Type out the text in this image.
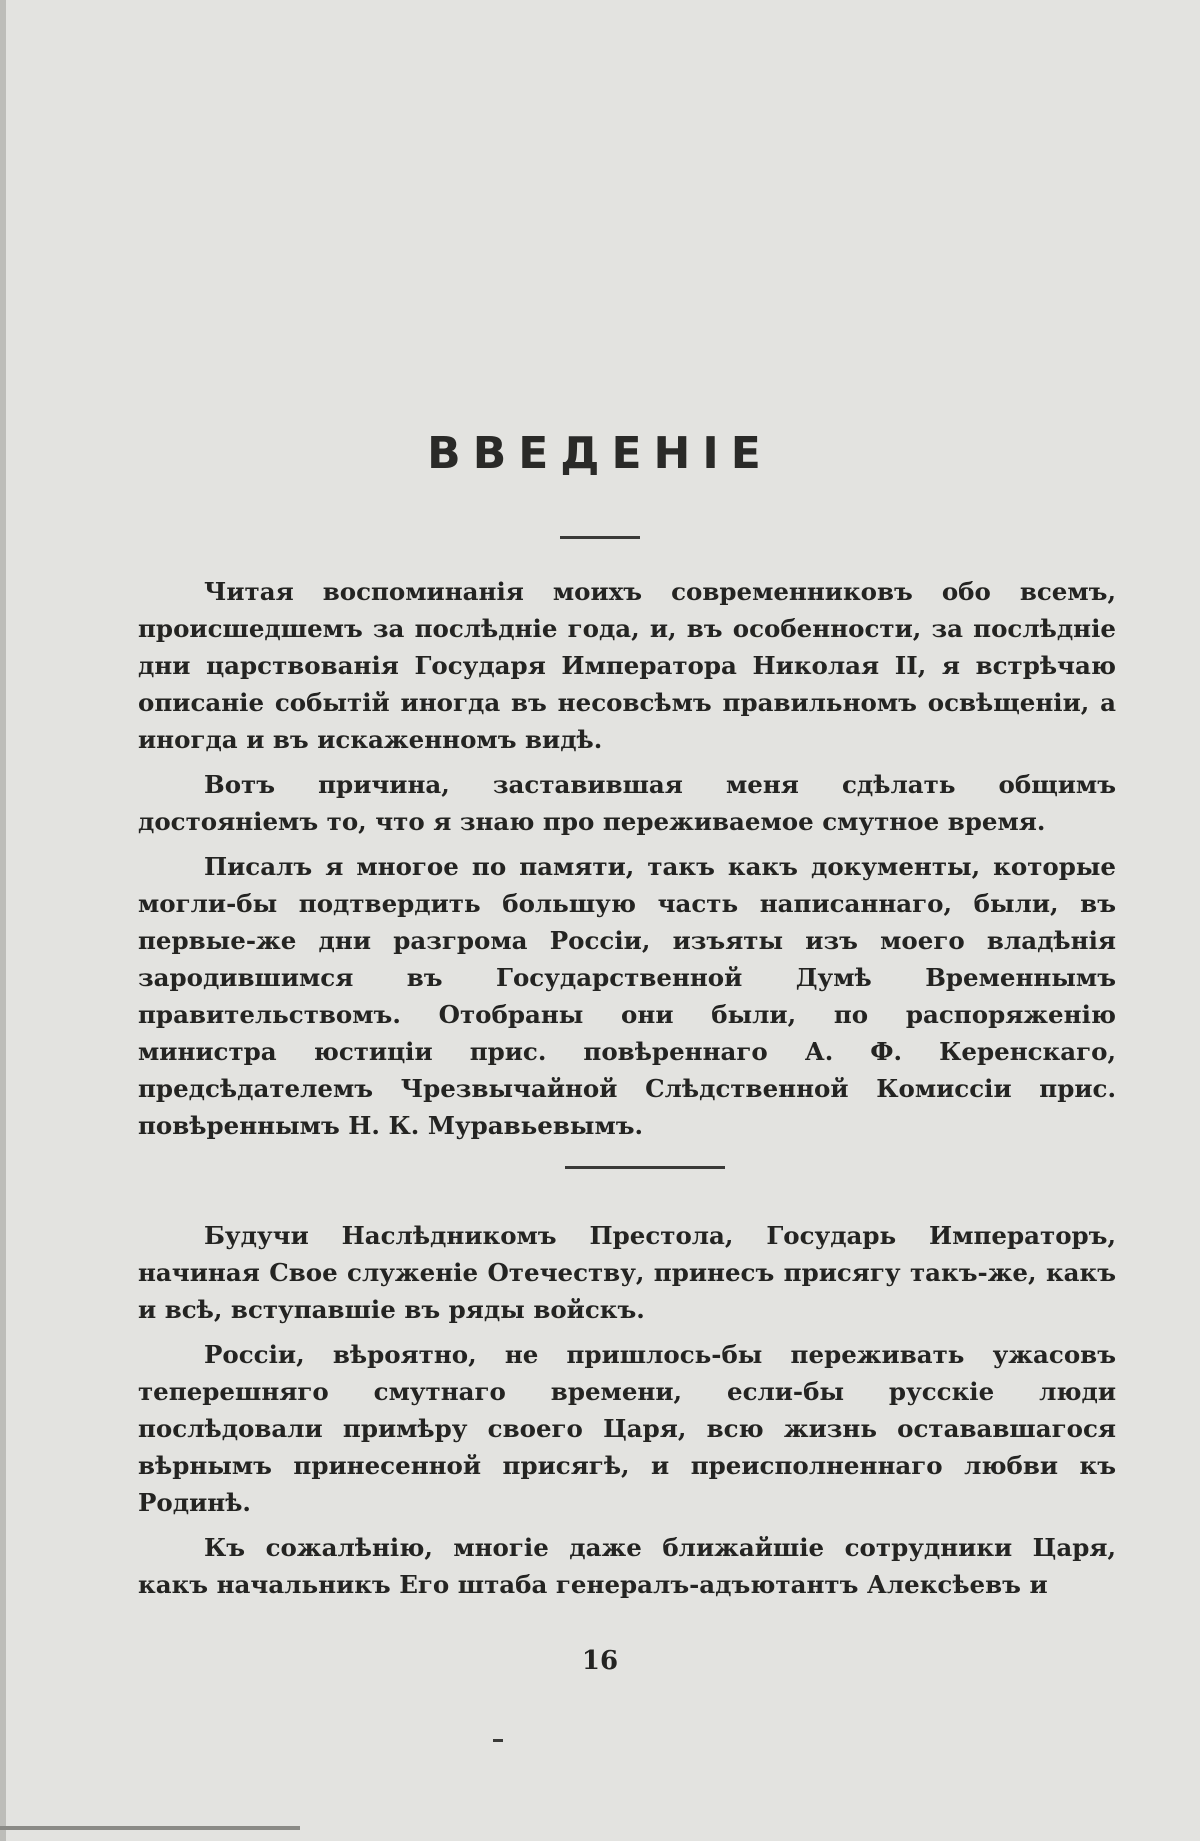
ВВЕДЕНІЕ

Читая воспоминанія моихъ современниковъ обо всемъ, происшедшемъ за послѣдніе года, и, въ особенности, за послѣдніе дни царствованія Государя Императора Николая II, я встрѣчаю описаніе событій иногда въ несовсѣмъ правильномъ освѣщеніи, а иногда и въ искаженномъ видѣ.

Вотъ причина, заставившая меня сдѣлать общимъ достояніемъ то, что я знаю про переживаемое смутное время.

Писалъ я многое по памяти, такъ какъ документы, которые могли-бы подтвердить большую часть написаннаго, были, въ первые-же дни разгрома Россіи, изъяты изъ моего владѣнія зародившимся въ Государственной Думѣ Временнымъ правительствомъ. Отобраны они были, по распоряженію министра юстиціи прис. повѣреннаго А. Ф. Керенскаго, предсѣдателемъ Чрезвычайной Слѣдственной Комиссіи прис. повѣреннымъ Н. К. Муравьевымъ.

Будучи Наслѣдникомъ Престола, Государь Императоръ, начиная Свое служеніе Отечеству, принесъ присягу такъ-же, какъ и всѣ, вступавшіе въ ряды войскъ.

Россіи, вѣроятно, не пришлось-бы переживать ужасовъ теперешняго смутнаго времени, если-бы русскіе люди послѣдовали примѣру своего Царя, всю жизнь остававшагося вѣрнымъ принесенной присягѣ, и преисполненнаго любви къ Родинѣ.

Къ сожалѣнію, многіе даже ближайшіе сотрудники Царя, какъ начальникъ Его штаба генералъ-адъютантъ Алексѣевъ и

16
